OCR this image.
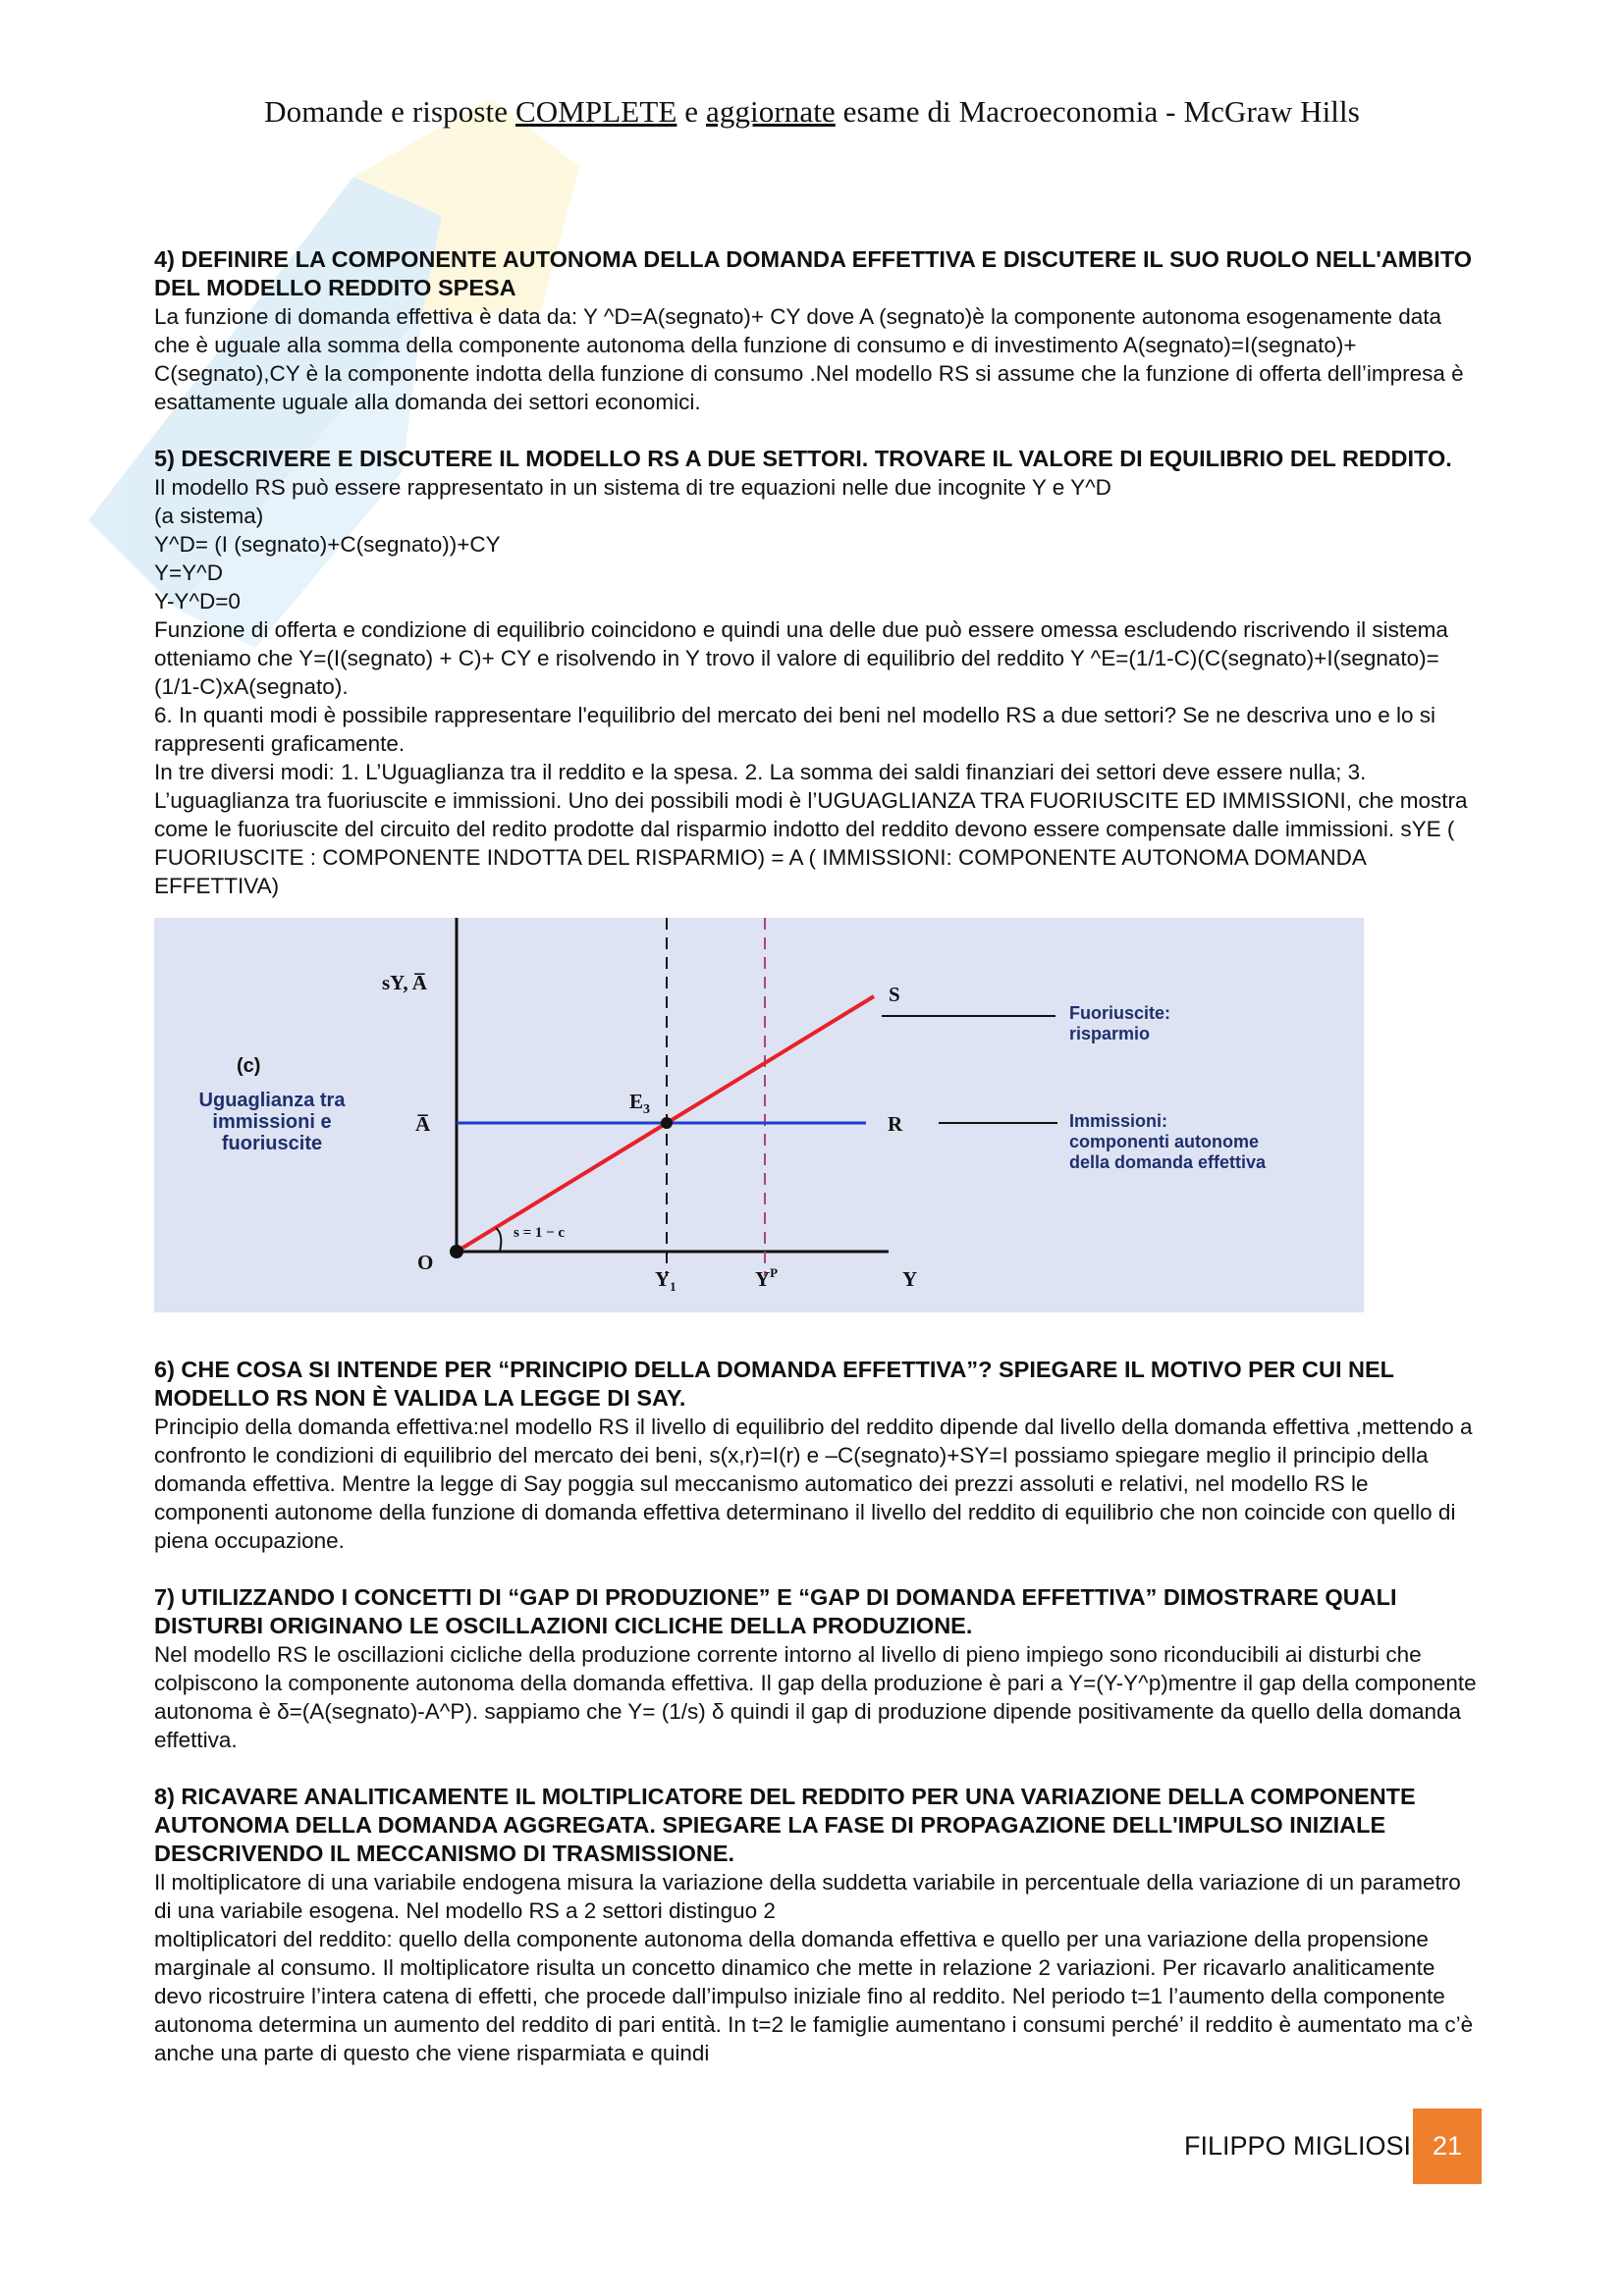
Domande e risposte COMPLETE e aggiornate esame di Macroeconomia - McGraw Hills

4) DEFINIRE LA COMPONENTE AUTONOMA DELLA DOMANDA EFFETTIVA E DISCUTERE IL SUO RUOLO NELL'AMBITO DEL MODELLO REDDITO SPESA

La funzione di domanda effettiva è data da: Y ^D=A(segnato)+ CY dove A (segnato)è la componente autonoma esogenamente data che è uguale alla somma della componente autonoma della funzione di consumo e di investimento A(segnato)=I(segnato)+ C(segnato),CY è la componente indotta della funzione di consumo .Nel modello RS si assume che la funzione di offerta dell’impresa è esattamente uguale alla domanda dei settori economici.

5) DESCRIVERE E DISCUTERE IL MODELLO RS A DUE SETTORI. TROVARE IL VALORE DI EQUILIBRIO DEL REDDITO.

Il modello RS può essere rappresentato in un sistema di tre equazioni nelle due incognite Y e Y^D

(a sistema)

Y^D= (I (segnato)+C(segnato))+CY

Y=Y^D

Y-Y^D=0

Funzione di offerta e condizione di equilibrio coincidono e quindi una delle due può essere omessa escludendo riscrivendo il sistema otteniamo che Y=(I(segnato) + C)+ CY e risolvendo in Y trovo il valore di equilibrio del reddito Y ^E=(1/1-C)(C(segnato)+I(segnato)=(1/1-C)xA(segnato).

6. In quanti modi è possibile rappresentare l'equilibrio del mercato dei beni nel modello RS a due settori? Se ne descriva uno e lo si rappresenti graficamente.

In tre diversi modi: 1. L’Uguaglianza tra il reddito e la spesa. 2. La somma dei saldi finanziari dei settori deve essere nulla; 3. L’uguaglianza tra fuoriuscite e immissioni. Uno dei possibili modi è l’UGUAGLIANZA TRA FUORIUSCITE ED IMMISSIONI, che mostra come le fuoriuscite del circuito del redito prodotte dal risparmio indotto del reddito devono essere compensate dalle immissioni. sYE ( FUORIUSCITE : COMPONENTE INDOTTA DEL RISPARMIO) = A ( IMMISSIONI: COMPONENTE AUTONOMA DOMANDA EFFETTIVA)

sY, A̅
A̅
O
$E_3$
S
R
s = 1 − c
$Y_1$	$Y^P$	Y
(c)
Uguaglianza tra
immissioni e
fuoriuscite
Fuoriuscite:
risparmio
Immissioni:
componenti autonome
della domanda effettiva

6) CHE COSA SI INTENDE PER “PRINCIPIO DELLA DOMANDA EFFETTIVA”? SPIEGARE IL MOTIVO PER CUI NEL MODELLO RS NON È VALIDA LA LEGGE DI SAY.

Principio della domanda effettiva:nel modello RS il livello di equilibrio del reddito dipende dal livello della domanda effettiva ,mettendo a confronto le condizioni di equilibrio del mercato dei beni, s(x,r)=I(r) e –C(segnato)+SY=I possiamo spiegare meglio il principio della domanda effettiva. Mentre la legge di Say poggia sul meccanismo automatico dei prezzi assoluti e relativi, nel modello RS le componenti autonome della funzione di domanda effettiva determinano il livello del reddito di equilibrio che non coincide con quello di piena occupazione.

7) UTILIZZANDO I CONCETTI DI “GAP DI PRODUZIONE” E “GAP DI DOMANDA EFFETTIVA” DIMOSTRARE QUALI DISTURBI ORIGINANO LE OSCILLAZIONI CICLICHE DELLA PRODUZIONE.

Nel modello RS le oscillazioni cicliche della produzione corrente intorno al livello di pieno impiego sono riconducibili ai disturbi che colpiscono la componente autonoma della domanda effettiva. Il gap della produzione è pari a Y=(Y-Y^p)mentre il gap della componente autonoma è δ=(A(segnato)-A^P). sappiamo che Y= (1/s) δ quindi il gap di produzione dipende positivamente da quello della domanda effettiva.

8) RICAVARE ANALITICAMENTE IL MOLTIPLICATORE DEL REDDITO PER UNA VARIAZIONE DELLA COMPONENTE AUTONOMA DELLA DOMANDA AGGREGATA. SPIEGARE LA FASE DI PROPAGAZIONE DELL'IMPULSO INIZIALE DESCRIVENDO IL MECCANISMO DI TRASMISSIONE.

Il moltiplicatore di una variabile endogena misura la variazione della suddetta variabile in percentuale della variazione di un parametro di una variabile esogena. Nel modello RS a 2 settori distinguo 2

moltiplicatori del reddito: quello della componente autonoma della domanda effettiva e quello per una variazione della propensione marginale al consumo. Il moltiplicatore risulta un concetto dinamico che mette in relazione 2 variazioni. Per ricavarlo analiticamente devo ricostruire l’intera catena di effetti, che procede dall’impulso iniziale fino al reddito. Nel periodo t=1 l’aumento della componente autonoma determina un aumento del reddito di pari entità. In t=2 le famiglie aumentano i consumi perché’ il reddito è aumentato ma c’è anche una parte di questo che viene risparmiata e quindi

FILIPPO MIGLIOSI 21
